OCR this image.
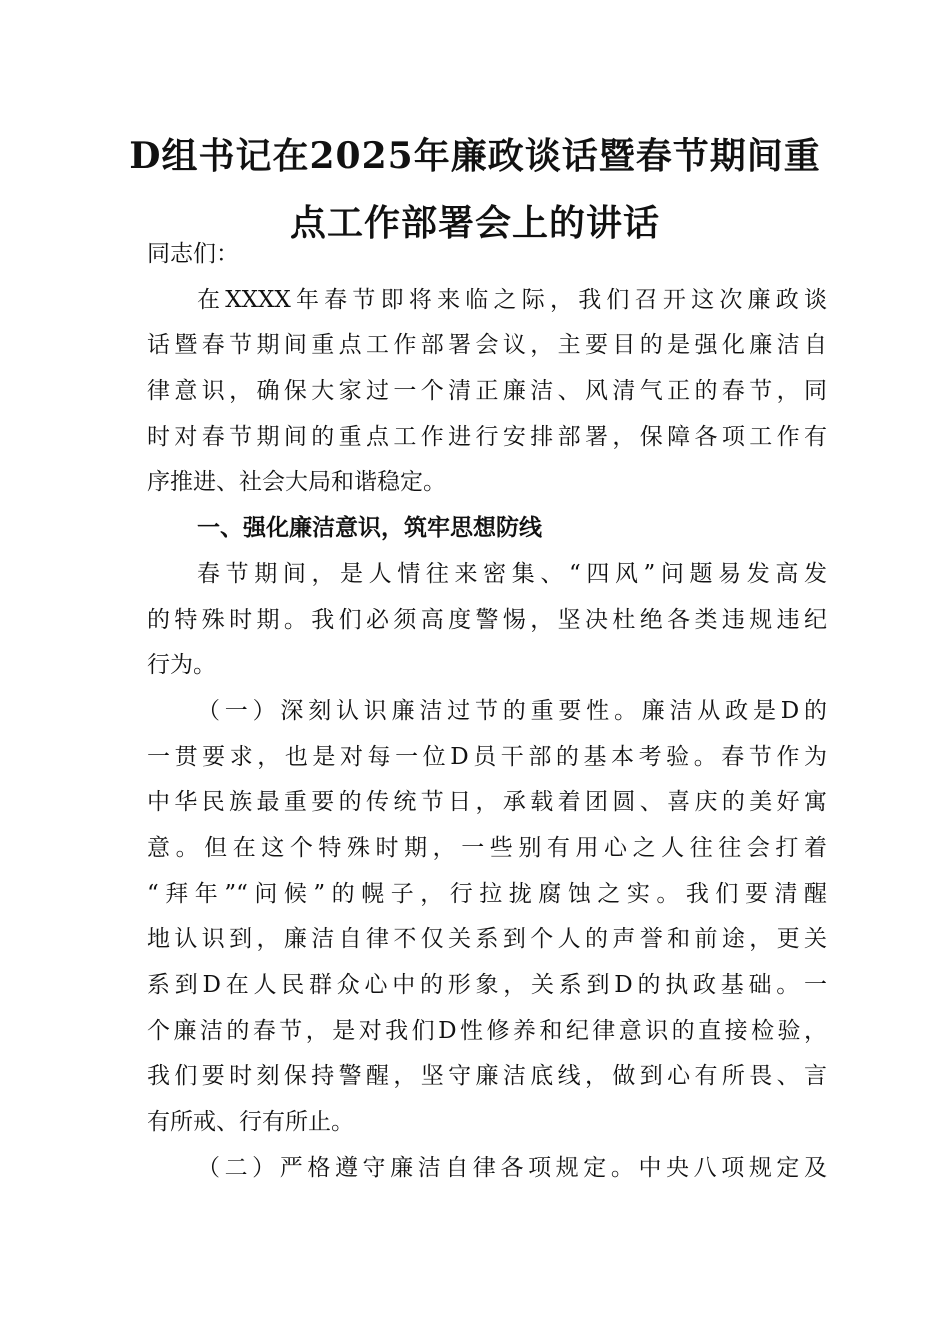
D组书记在2025年廉政谈话暨春节期间重
点工作部署会上的讲话
同志们：
在XXXX年春节即将来临之际，我们召开这次廉政谈
话暨春节期间重点工作部署会议，主要目的是强化廉洁自
律意识，确保大家过一个清正廉洁、风清气正的春节，同
时对春节期间的重点工作进行安排部署，保障各项工作有
序推进、社会大局和谐稳定。
一、强化廉洁意识，筑牢思想防线
春节期间，是人情往来密集、“四风”问题易发高发
的特殊时期。我们必须高度警惕，坚决杜绝各类违规违纪
行为。
（一）深刻认识廉洁过节的重要性。廉洁从政是D的
一贯要求，也是对每一位D员干部的基本考验。春节作为
中华民族最重要的传统节日，承载着团圆、喜庆的美好寓
意。但在这个特殊时期，一些别有用心之人往往会打着
“拜年”“问候”的幌子，行拉拢腐蚀之实。我们要清醒
地认识到，廉洁自律不仅关系到个人的声誉和前途，更关
系到D在人民群众心中的形象，关系到D的执政基础。一
个廉洁的春节，是对我们D性修养和纪律意识的直接检验，
我们要时刻保持警醒，坚守廉洁底线，做到心有所畏、言
有所戒、行有所止。
（二）严格遵守廉洁自律各项规定。中央八项规定及
